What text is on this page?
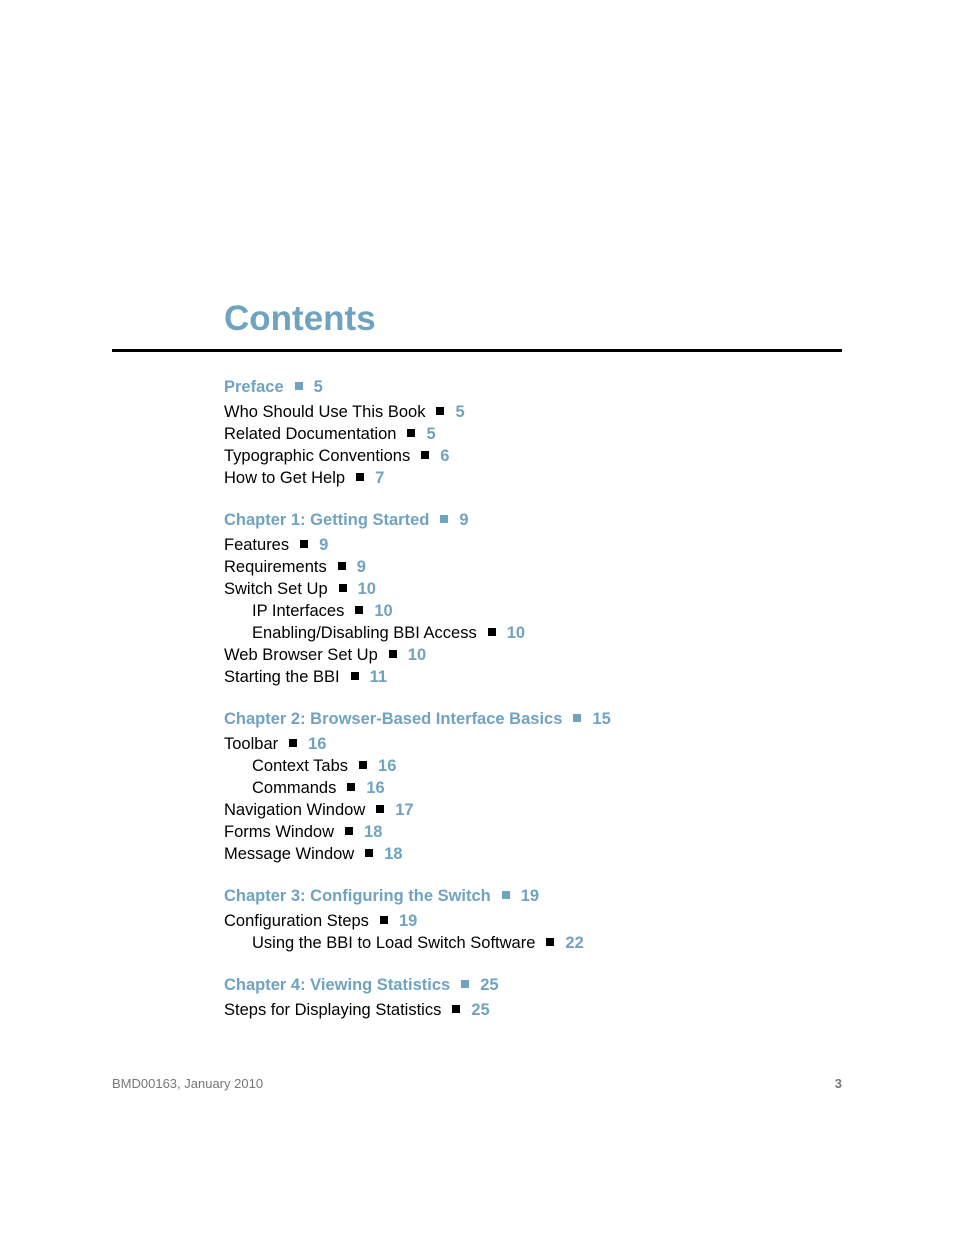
Contents
Preface 5
Who Should Use This Book 5
Related Documentation 5
Typographic Conventions 6
How to Get Help 7
Chapter 1: Getting Started 9
Features 9
Requirements 9
Switch Set Up 10
IP Interfaces 10
Enabling/Disabling BBI Access 10
Web Browser Set Up 10
Starting the BBI 11
Chapter 2: Browser-Based Interface Basics 15
Toolbar 16
Context Tabs 16
Commands 16
Navigation Window 17
Forms Window 18
Message Window 18
Chapter 3: Configuring the Switch 19
Configuration Steps 19
Using the BBI to Load Switch Software 22
Chapter 4: Viewing Statistics 25
Steps for Displaying Statistics 25
BMD00163, January 2010	3
